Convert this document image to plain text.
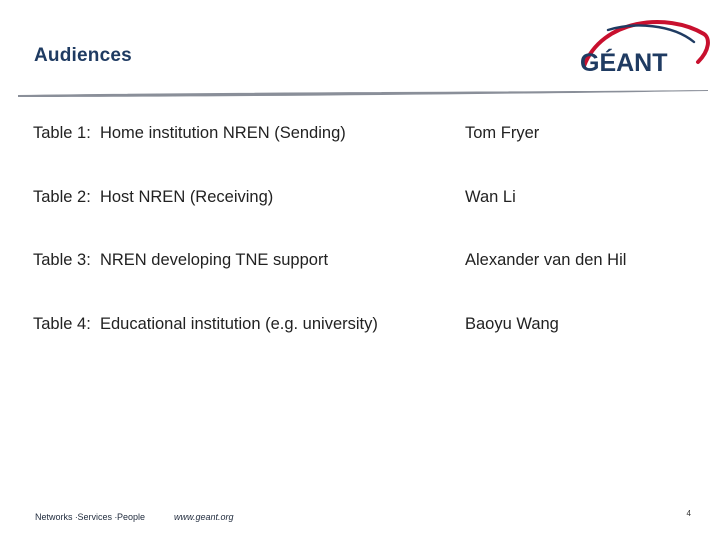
Audiences	GÉANT
Table 1: Home institution NREN (Sending)	Tom Fryer
Table 2: Host NREN (Receiving)	Wan Li
Table 3: NREN developing TNE support	Alexander van den Hil
Table 4: Educational institution (e.g. university)	Baoyu Wang
Networks ∙Services ∙People	www.geant.org	4
